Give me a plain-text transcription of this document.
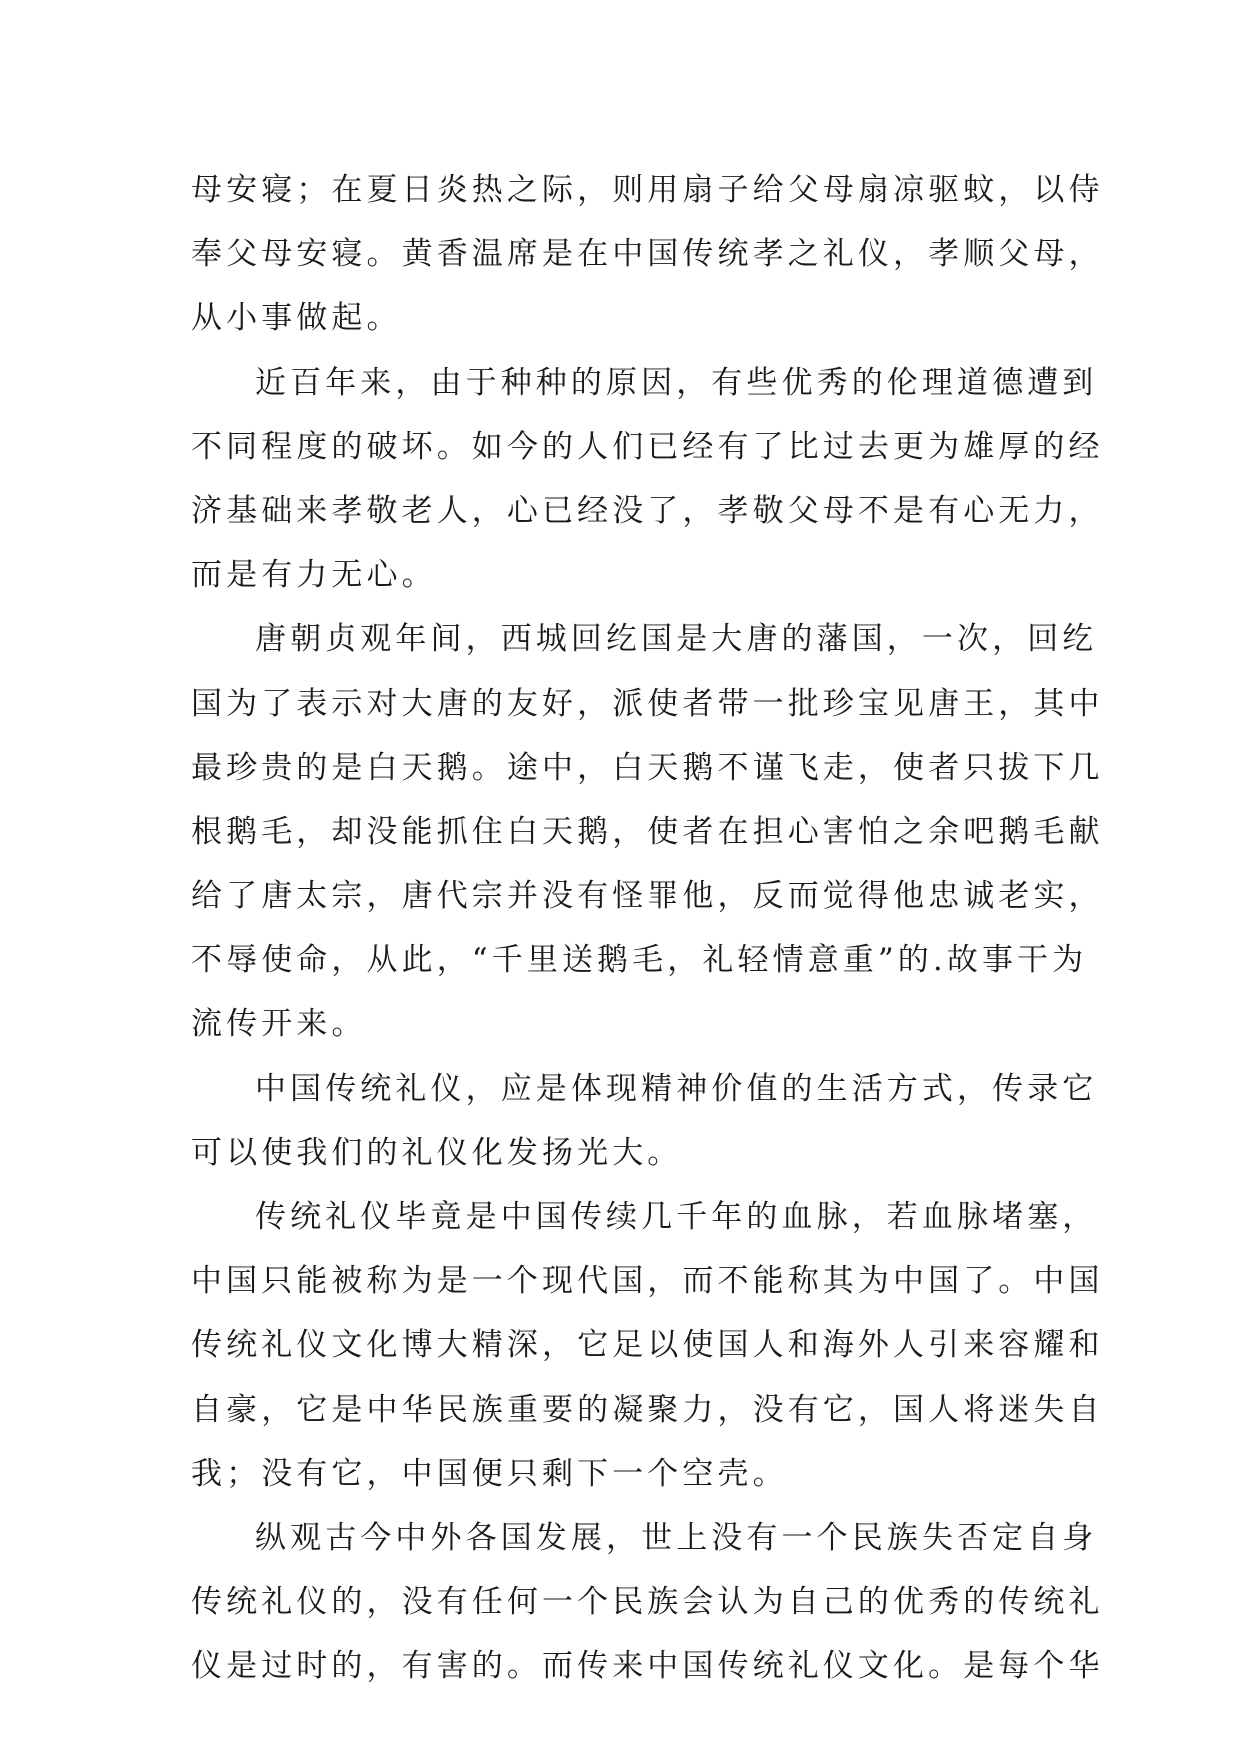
母安寝；在夏日炎热之际，则用扇子给父母扇凉驱蚊，以侍
奉父母安寝。黄香温席是在中国传统孝之礼仪，孝顺父母，
从小事做起。
近百年来，由于种种的原因，有些优秀的伦理道德遭到
不同程度的破坏。如今的人们已经有了比过去更为雄厚的经
济基础来孝敬老人，心已经没了，孝敬父母不是有心无力，
而是有力无心。
唐朝贞观年间，西城回纥国是大唐的藩国，一次，回纥
国为了表示对大唐的友好，派使者带一批珍宝见唐王，其中
最珍贵的是白天鹅。途中，白天鹅不谨飞走，使者只拔下几
根鹅毛，却没能抓住白天鹅，使者在担心害怕之余吧鹅毛献
给了唐太宗，唐代宗并没有怪罪他，反而觉得他忠诚老实，
不辱使命，从此，“千里送鹅毛，礼轻情意重”的.故事干为
流传开来。
中国传统礼仪，应是体现精神价值的生活方式，传录它
可以使我们的礼仪化发扬光大。
传统礼仪毕竟是中国传续几千年的血脉，若血脉堵塞，
中国只能被称为是一个现代国，而不能称其为中国了。中国
传统礼仪文化博大精深，它足以使国人和海外人引来容耀和
自豪，它是中华民族重要的凝聚力，没有它，国人将迷失自
我；没有它，中国便只剩下一个空壳。
纵观古今中外各国发展，世上没有一个民族失否定自身
传统礼仪的，没有任何一个民族会认为自己的优秀的传统礼
仪是过时的，有害的。而传来中国传统礼仪文化。是每个华
